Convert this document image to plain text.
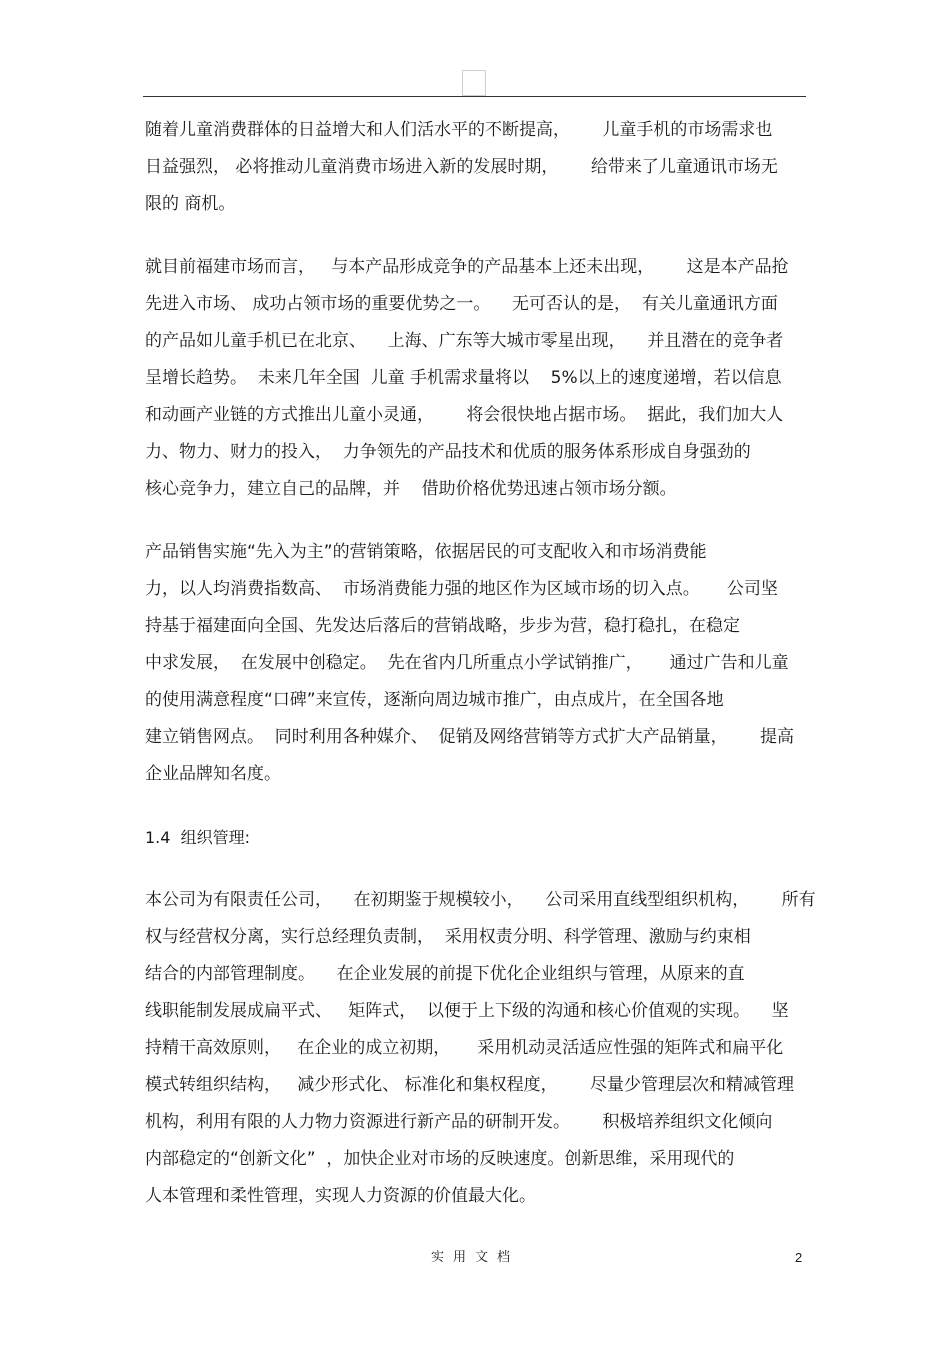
随着儿童消费群体的日益增大和人们活水平的不断提高，      儿童手机的市场需求也
日益强烈， 必将推动儿童消费市场进入新的发展时期，      给带来了儿童通讯市场无
限的 商机。
就目前福建市场而言，   与本产品形成竞争的产品基本上还未出现，      这是本产品抢
先进入市场、 成功占领市场的重要优势之一。    无可否认的是，  有关儿童通讯方面
的产品如儿童手机已在北京、    上海、广东等大城市零星出现，    并且潜在的竞争者
呈增长趋势。  未来几年全国  儿童 手机需求量将以    5%以上的速度递增，若以信息
和动画产业链的方式推出儿童小灵通，      将会很快地占据市场。  据此，我们加大人
力、物力、财力的投入，  力争领先的产品技术和优质的服务体系形成自身强劲的
核心竞争力，建立自己的品牌，并    借助价格优势迅速占领市场分额。
产品销售实施“先入为主”的营销策略，依据居民的可支配收入和市场消费能
力，以人均消费指数高、  市场消费能力强的地区作为区域市场的切入点。     公司坚
持基于福建面向全国、先发达后落后的营销战略，步步为营，稳打稳扎，在稳定
中求发展，  在发展中创稳定。  先在省内几所重点小学试销推广，     通过广告和儿童
的使用满意程度“口碑”来宣传，逐渐向周边城市推广，由点成片，在全国各地
建立销售网点。  同时利用各种媒介、  促销及网络营销等方式扩大产品销量，      提高
企业品牌知名度。
1.4  组织管理:
本公司为有限责任公司，    在初期鉴于规模较小，    公司采用直线型组织机构，      所有
权与经营权分离，实行总经理负责制，  采用权责分明、科学管理、激励与约束相
结合的内部管理制度。    在企业发展的前提下优化企业组织与管理，从原来的直
线职能制发展成扁平式、   矩阵式，  以便于上下级的沟通和核心价值观的实现。    坚
持精干高效原则，   在企业的成立初期，     采用机动灵活适应性强的矩阵式和扁平化
模式转组织结构，   减少形式化、 标准化和集权程度，      尽量少管理层次和精减管理
机构，利用有限的人力物力资源进行新产品的研制开发。      积极培养组织文化倾向
内部稳定的“创新文化”  ，加快企业对市场的反映速度。创新思维，采用现代的
人本管理和柔性管理，实现人力资源的价值最大化。
实用文档	2
